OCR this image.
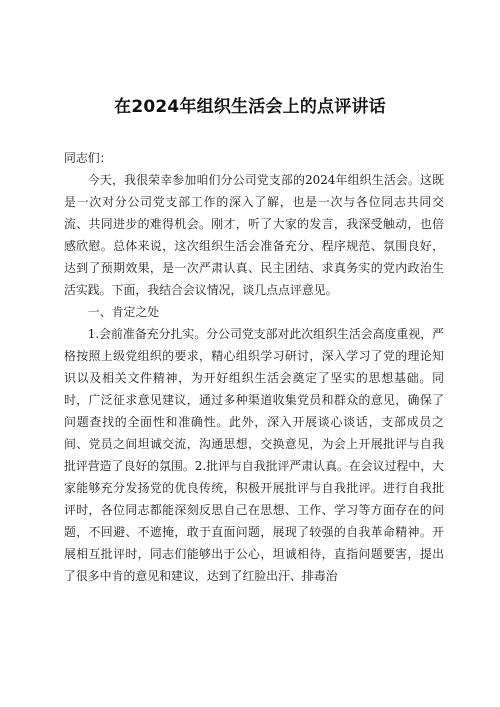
在2024年组织生活会上的点评讲话

同志们：

今天，我很荣幸参加咱们分公司党支部的2024年组织生活会。这既是一次对分公司党支部工作的深入了解，也是一次与各位同志共同交流、共同进步的难得机会。刚才，听了大家的发言，我深受触动，也倍感欣慰。总体来说，这次组织生活会准备充分、程序规范、氛围良好，达到了预期效果，是一次严肃认真、民主团结、求真务实的党内政治生活实践。下面，我结合会议情况，谈几点点评意见。

一、肯定之处

1.会前准备充分扎实。分公司党支部对此次组织生活会高度重视，严格按照上级党组织的要求，精心组织学习研讨，深入学习了党的理论知识以及相关文件精神，为开好组织生活会奠定了坚实的思想基础。同时，广泛征求意见建议，通过多种渠道收集党员和群众的意见，确保了问题查找的全面性和准确性。此外，深入开展谈心谈话，支部成员之间、党员之间坦诚交流，沟通思想，交换意见，为会上开展批评与自我批评营造了良好的氛围。2.批评与自我批评严肃认真。在会议过程中，大家能够充分发扬党的优良传统，积极开展批评与自我批评。进行自我批评时，各位同志都能深刻反思自己在思想、工作、学习等方面存在的问题，不回避、不遮掩，敢于直面问题，展现了较强的自我革命精神。开展相互批评时，同志们能够出于公心，坦诚相待，直指问题要害，提出了很多中肯的意见和建议，达到了红脸出汗、排毒治
